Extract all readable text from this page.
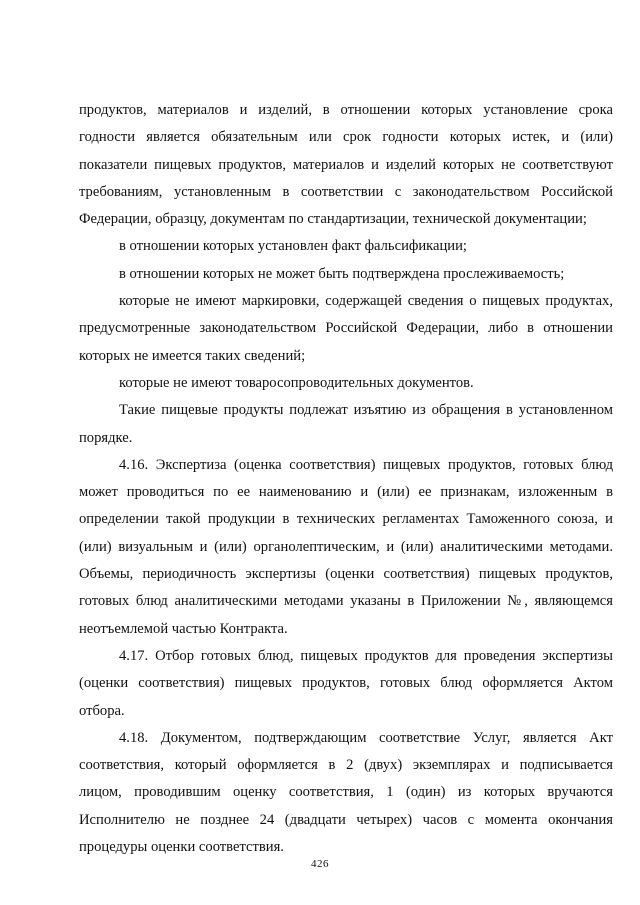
продуктов, материалов и изделий, в отношении которых установление срока
годности является обязательным или срок годности которых истек, и (или)
показатели пищевых продуктов, материалов и изделий которых не соответствуют
требованиям, установленным в соответствии с законодательством Российской
Федерации, образцу, документам по стандартизации, технической документации;
в отношении которых установлен факт фальсификации;
в отношении которых не может быть подтверждена прослеживаемость;
которые не имеют маркировки, содержащей сведения о пищевых продуктах,
предусмотренные законодательством Российской Федерации, либо в отношении
которых не имеется таких сведений;
которые не имеют товаросопроводительных документов.
Такие пищевые продукты подлежат изъятию из обращения в установленном
порядке.
4.16. Экспертиза (оценка соответствия) пищевых продуктов, готовых блюд
может проводиться по ее наименованию и (или) ее признакам, изложенным в
определении такой продукции в технических регламентах Таможенного союза, и
(или) визуальным и (или) органолептическим, и (или) аналитическими методами.
Объемы, периодичность экспертизы (оценки соответствия) пищевых продуктов,
готовых блюд аналитическими методами указаны в Приложении №, являющемся
неотъемлемой частью Контракта.
4.17. Отбор готовых блюд, пищевых продуктов для проведения экспертизы
(оценки соответствия) пищевых продуктов, готовых блюд оформляется Актом
отбора.
4.18. Документом, подтверждающим соответствие Услуг, является Акт
соответствия, который оформляется в 2 (двух) экземплярах и подписывается
лицом, проводившим оценку соответствия, 1 (один) из которых вручаются
Исполнителю не позднее 24 (двадцати четырех) часов с момента окончания
процедуры оценки соответствия.
426
